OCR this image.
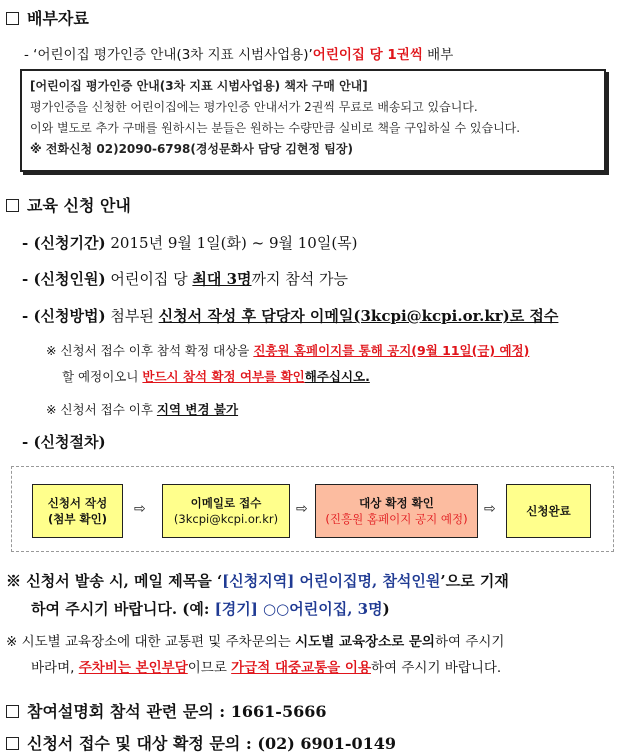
배부자료
- ‘어린이집 평가인증 안내(3차 지표 시범사업용)’어린이집 당 1권씩 배부
[어린이집 평가인증 안내(3차 지표 시범사업용) 책자 구매 안내]
평가인증을 신청한 어린이집에는 평가인증 안내서가 2권씩 무료로 배송되고 있습니다.
이와 별도로 추가 구매를 원하시는 분들은 원하는 수량만큼 실비로 책을 구입하실 수 있습니다.
※ 전화신청 02)2090-6798(경성문화사 담당 김현정 팀장)
교육 신청 안내
- (신청기간) 2015년 9월 1일(화) ~ 9월 10일(목)
- (신청인원) 어린이집 당 최대 3명까지 참석 가능
- (신청방법) 첨부된 신청서 작성 후 담당자 이메일(3kcpi@kcpi.or.kr)로 접수
※ 신청서 접수 이후 참석 확정 대상을 진흥원 홈페이지를 통해 공지(9월 11일(금) 예정)
할 예정이오니 반드시 참석 확정 여부를 확인해주십시오.
※ 신청서 접수 이후 지역 변경 불가
- (신청절차)
신청서 작성
(첨부 확인)
⇨	이메일로 접수
(3kcpi@kcpi.or.kr)
⇨	대상 확정 확인
(진흥원 홈페이지 공지 예정)
⇨	신청완료
※ 신청서 발송 시, 메일 제목을 ‘[신청지역] 어린이집명, 참석인원’으로 기재
하여 주시기 바랍니다. (예: [경기] ○○어린이집, 3명)
※ 시도별 교육장소에 대한 교통편 및 주차문의는 시도별 교육장소로 문의하여 주시기
바라며, 주차비는 본인부담이므로 가급적 대중교통을 이용하여 주시기 바랍니다.
참여설명회 참석 관련 문의 : 1661-5666
신청서 접수 및 대상 확정 문의 : (02) 6901-0149
